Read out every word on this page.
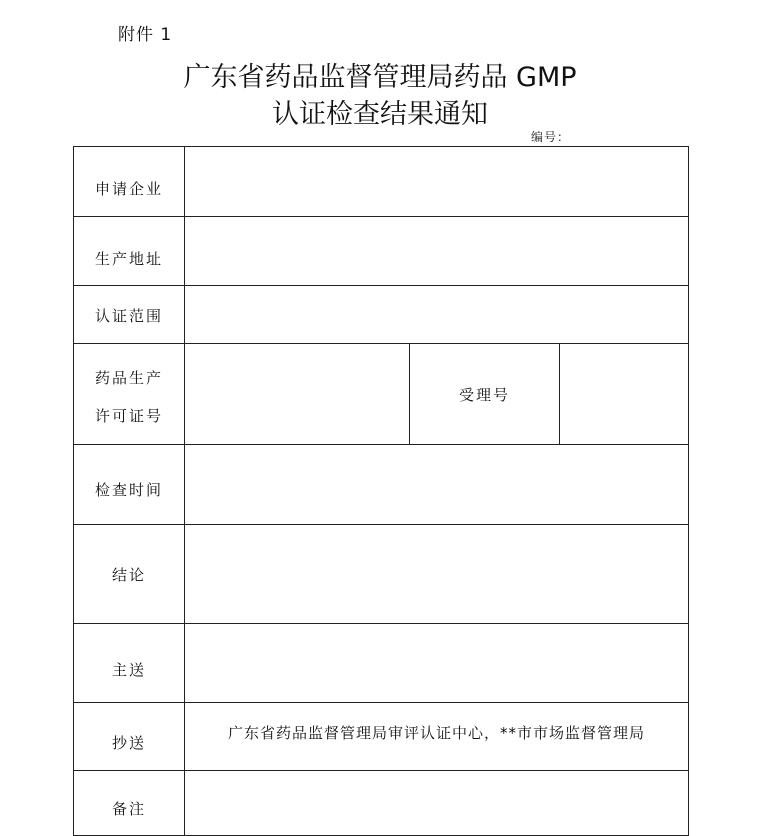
附件 1
广东省药品监督管理局药品 GMP
认证检查结果通知
编号：
申请企业			
生产地址			
认证范围			

药品生产
许可证号		受理号	
检查时间			
结论			
主送			
抄送	广东省药品监督管理局审评认证中心，**市市场监督管理局		
备注			
